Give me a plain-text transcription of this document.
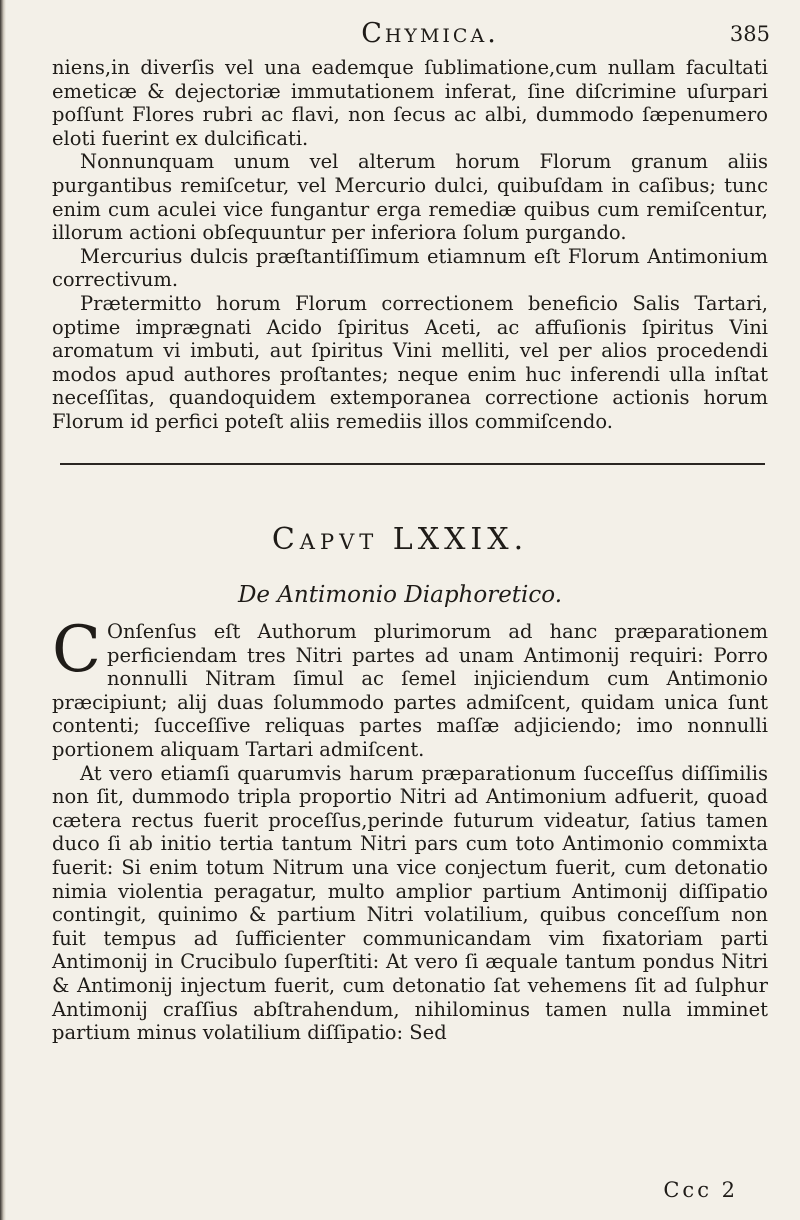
Chymica.	385

niens,in diverſis vel una eademque ſublimatione,cum nullam facultati emeticæ & dejectoriæ immutationem inferat, ſine diſcrimine uſurpari poſſunt Flores rubri ac flavi, non ſecus ac albi, dummodo ſæpenumero eloti fuerint ex dulcificati.

Nonnunquam unum vel alterum horum Florum granum aliis purgantibus remiſcetur, vel Mercurio dulci, quibuſdam in caſibus; tunc enim cum aculei vice fungantur erga remediæ quibus cum remiſcentur, illorum actioni obſequuntur per inferiora ſolum purgando.

Mercurius dulcis præſtantiſſimum etiamnum eſt Florum Antimonium correctivum.

Prætermitto horum Florum correctionem beneficio Salis Tartari, optime imprægnati Acido ſpiritus Aceti, ac affuſionis ſpiritus Vini aromatum vi imbuti, aut ſpiritus Vini melliti, vel per alios procedendi modos apud authores proſtantes; neque enim huc inferendi ulla inſtat neceſſitas, quandoquidem extemporanea correctione actionis horum Florum id perfici poteſt aliis remediis illos commiſcendo.

Capvt LXXIX.
De Antimonio Diaphoretico.

C Onſenſus eſt Authorum plurimorum ad hanc præparationem perficiendam tres Nitri partes ad unam Antimonij requiri: Porro nonnulli Nitram ſimul ac ſemel injiciendum cum Antimonio præcipiunt; alij duas ſolummodo partes admiſcent, quidam unica ſunt contenti; ſucceſſive reliquas partes maſſæ adjiciendo; imo nonnulli portionem aliquam Tartari admiſcent.

At vero etiamſi quarumvis harum præparationum ſucceſſus diſſimilis non ſit, dummodo tripla proportio Nitri ad Antimonium adfuerit, quoad cætera rectus fuerit proceſſus,perinde futurum videatur, ſatius tamen duco ſi ab initio tertia tantum Nitri pars cum toto Antimonio commixta fuerit: Si enim totum Nitrum una vice conjectum fuerit, cum detonatio nimia violentia peragatur, multo amplior partium Antimonij diſſipatio contingit, quinimo & partium Nitri volatilium, quibus conceſſum non fuit tempus ad ſufficienter communicandam vim fixatoriam parti Antimonij in Crucibulo ſuperſtiti: At vero ſi æquale tantum pondus Nitri & Antimonij injectum fuerit, cum detonatio ſat vehemens ſit ad ſulphur Antimonij craſſius abſtrahendum, nihilominus tamen nulla imminet partium minus volatilium diſſipatio: Sed

Ccc 2
